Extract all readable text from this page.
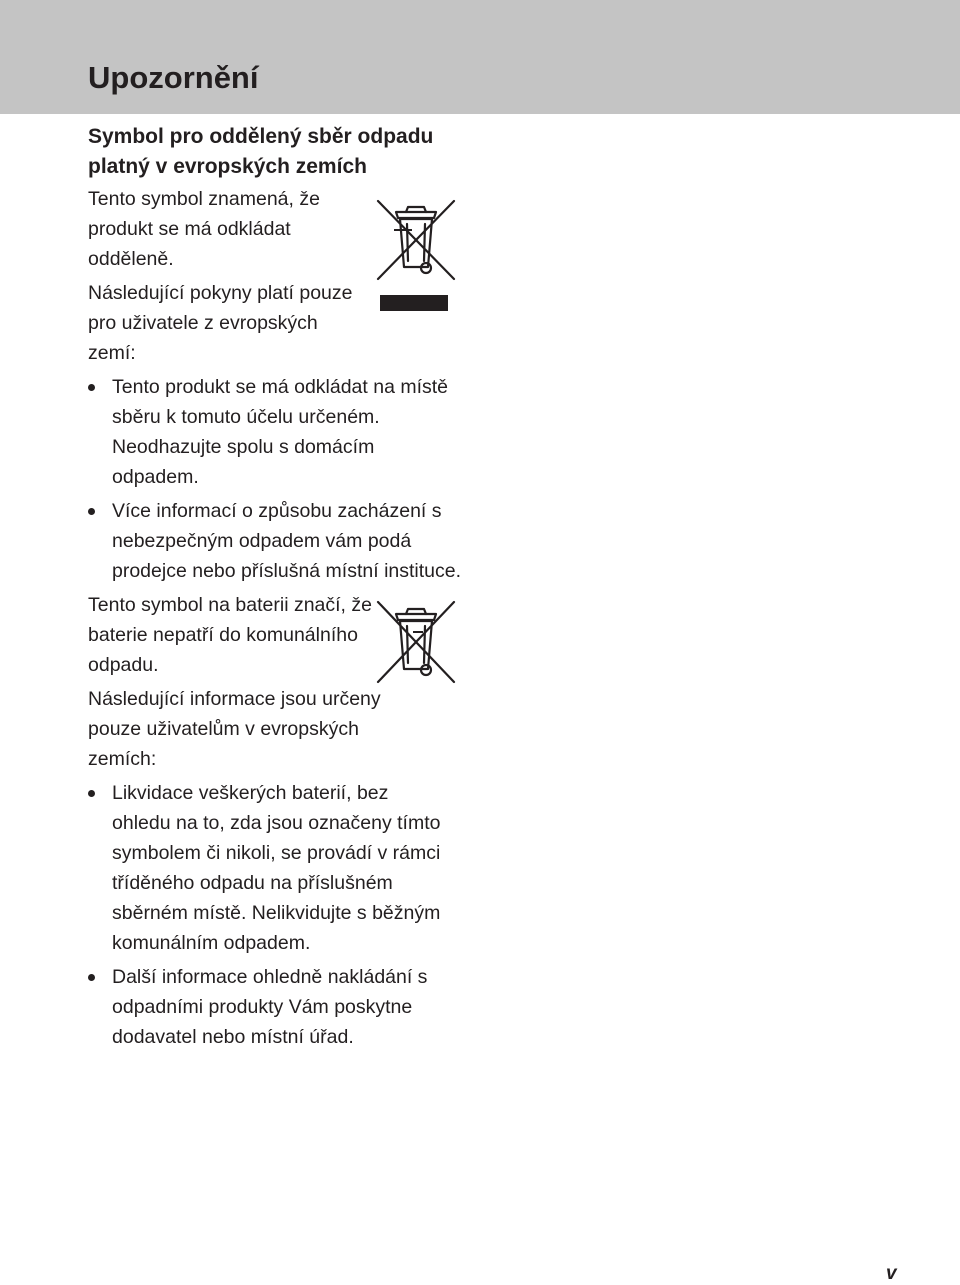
Upozornění
Symbol pro oddělený sběr odpadu platný v evropských zemích

Tento symbol znamená, že produkt se má odkládat odděleně.

Následující pokyny platí pouze pro uživatele z evropských zemí:

Tento produkt se má odkládat na místě sběru k tomuto účelu určeném. Neodhazujte spolu s domácím odpadem.
Více informací o způsobu zacházení s nebezpečným odpadem vám podá prodejce nebo příslušná místní instituce.

Tento symbol na baterii značí, že baterie nepatří do komunálního odpadu.

Následující informace jsou určeny pouze uživatelům v evropských zemích:

Likvidace veškerých baterií, bez ohledu na to, zda jsou označeny tímto symbolem či nikoli, se provádí v rámci tříděného odpadu na příslušném sběrném místě. Nelikvidujte s běžným komunálním odpadem.
Další informace ohledně nakládání s odpadními produkty Vám poskytne dodavatel nebo místní úřad.
v
